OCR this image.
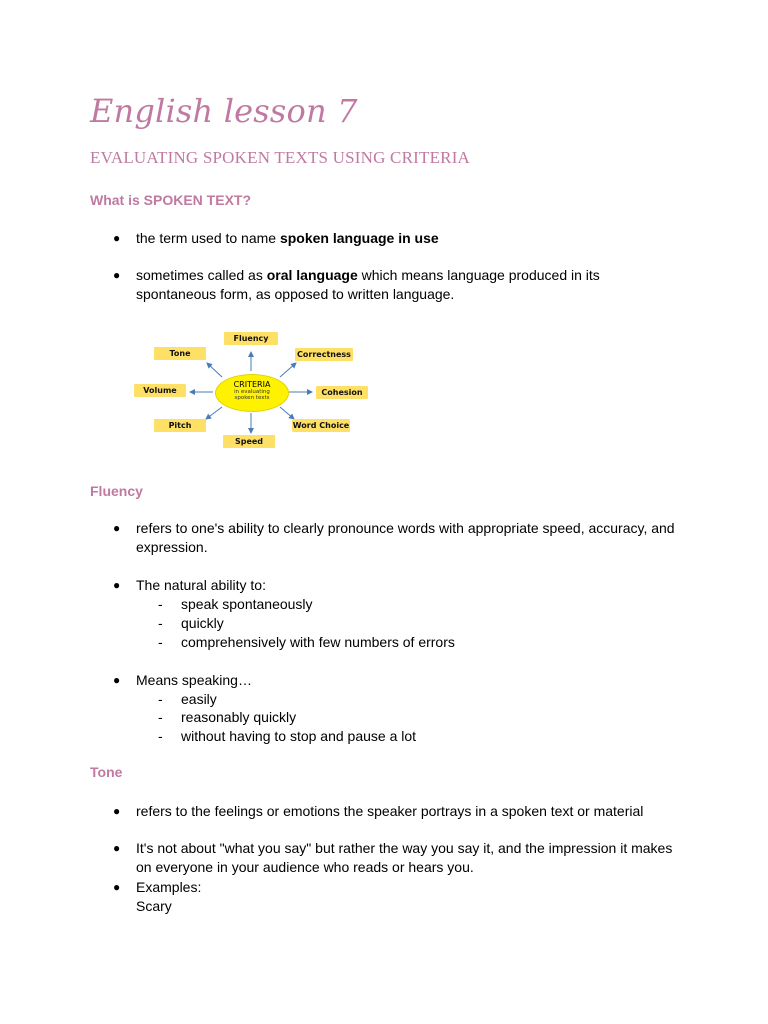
English lesson 7
EVALUATING SPOKEN TEXTS USING CRITERIA
What is SPOKEN TEXT?
● the term used to name spoken language in use
● sometimes called as oral language which means language produced in its spontaneous form, as opposed to written language.
Fluency
Correctness
Cohesion
Word Choice
Speed
Pitch
Volume
Tone
CRITERIA
in evaluating
spoken texts
Fluency
● refers to one's ability to clearly pronounce words with appropriate speed, accuracy, and expression.
● The natural ability to:
- speak spontaneously
- quickly
- comprehensively with few numbers of errors
● Means speaking…
- easily
- reasonably quickly
- without having to stop and pause a lot
Tone
● refers to the feelings or emotions the speaker portrays in a spoken text or material
● It's not about "what you say" but rather the way you say it, and the impression it makes on everyone in your audience who reads or hears you.
● Examples:
Scary
